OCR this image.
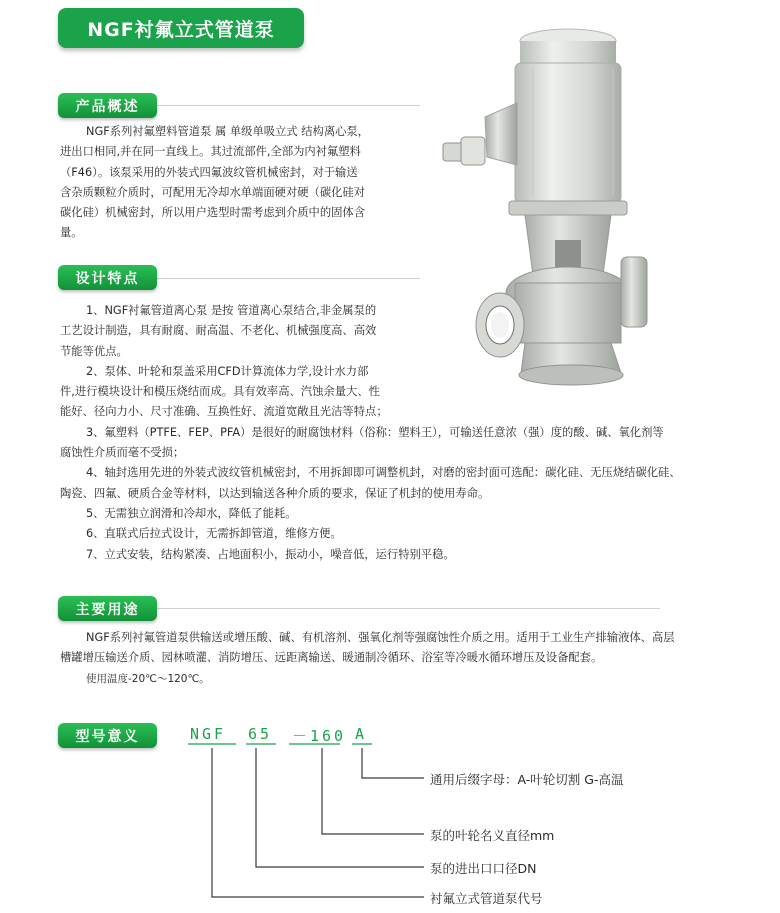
NGF衬氟立式管道泵
产品概述

NGF系列衬氟塑料管道泵 属 单级单吸立式 结构离心泵，

进出口相同,并在同一直线上。其过流部件,全部为内衬氟塑料

（F46）。该泵采用的外装式四氟波纹管机械密封，对于输送

含杂质颗粒介质时，可配用无冷却水单端面硬对硬（碳化硅对

碳化硅）机械密封，所以用户选型时需考虑到介质中的固体含

量。

设计特点

1、NGF衬氟管道离心泵 是按 管道离心泵结合,非金属泵的

工艺设计制造，具有耐腐、耐高温、不老化、机械强度高、高效

节能等优点。

2、泵体、叶轮和泵盖采用CFD计算流体力学,设计水力部

件,进行模块设计和模压烧结而成。具有效率高、汽蚀余量大、性

能好、径向力小、尺寸准确、互换性好、流道宽敞且光洁等特点；

3、氟塑料（PTFE、FEP、PFA）是很好的耐腐蚀材料（俗称：塑料王），可输送任意浓（强）度的酸、碱、氧化剂等

腐蚀性介质而毫不受损；

4、轴封选用先进的外装式波纹管机械密封，不用拆卸即可调整机封，对磨的密封面可选配：碳化硅、无压烧结碳化硅、

陶瓷、四氟、硬质合金等材料，以达到输送各种介质的要求，保证了机封的使用寿命。

5、无需独立润滑和冷却水，降低了能耗。

6、直联式后拉式设计，无需拆卸管道，维修方便。

7、立式安装，结构紧凑、占地面积小，振动小，噪音低，运行特别平稳。

主要用途

NGF系列衬氟管道泵供输送或增压酸、碱、有机溶剂、强氧化剂等强腐蚀性介质之用。适用于工业生产排输液体、高层

槽罐增压输送介质、园林喷灌、消防增压、远距离输送、暖通制冷循环、浴室等冷暖水循环增压及设备配套。

使用温度-20℃～120℃。

型号意义	NGF 65 －160 A
通用后缀字母：A-叶轮切割 G-高温
泵的叶轮名义直径mm
泵的进出口口径DN
衬氟立式管道泵代号
